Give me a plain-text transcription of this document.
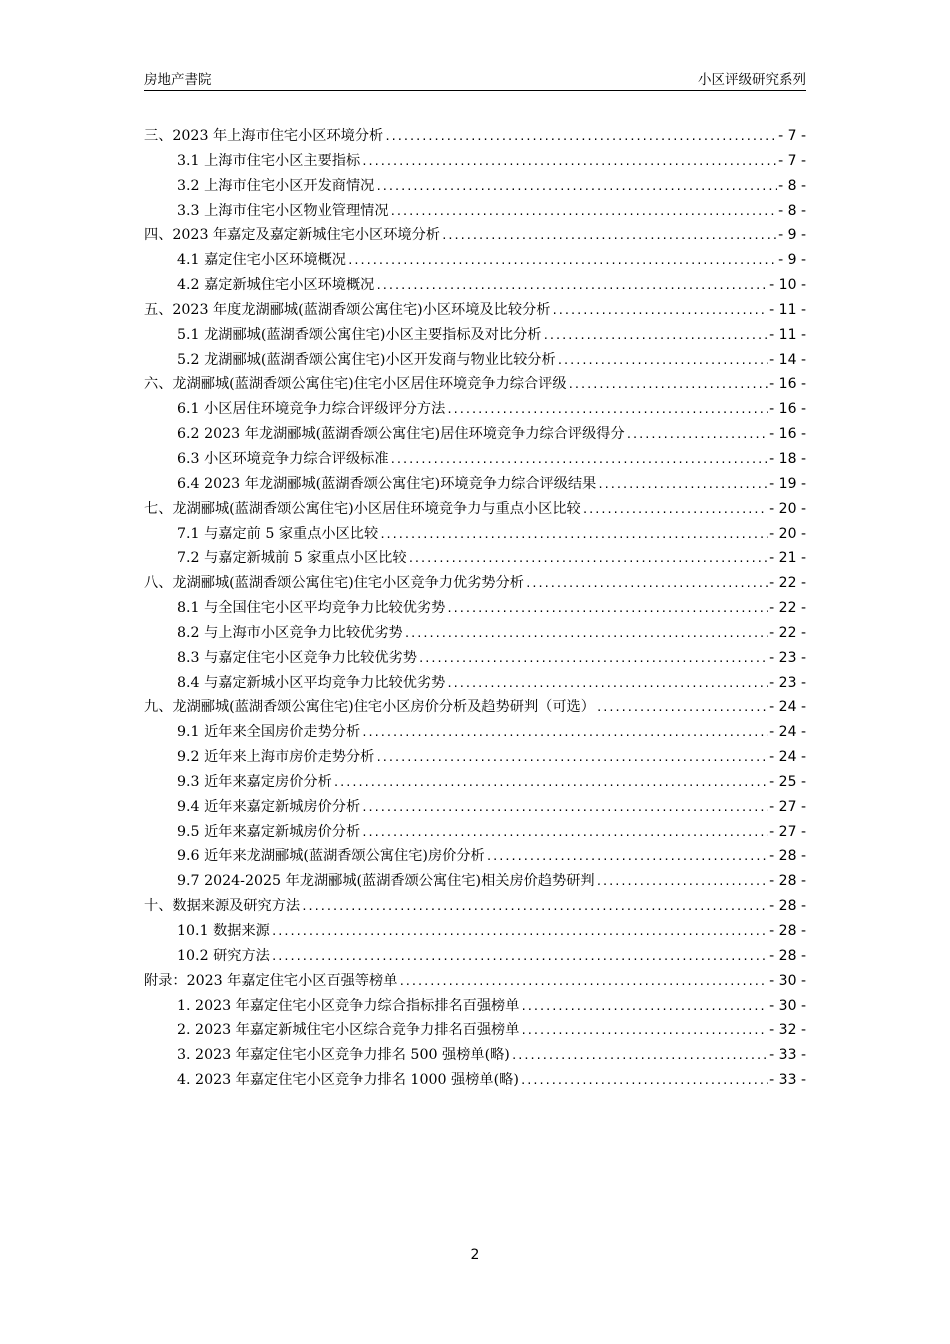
房地产書院	小区评级研究系列
三、2023 年上海市住宅小区环境分析 .....	- 7 -
3.1 上海市住宅小区主要指标 .....	- 7 -
3.2 上海市住宅小区开发商情况 .....	- 8 -
3.3 上海市住宅小区物业管理情况 .....	- 8 -
四、2023 年嘉定及嘉定新城住宅小区环境分析 .....	- 9 -
4.1 嘉定住宅小区环境概况 .....	- 9 -
4.2 嘉定新城住宅小区环境概况 .....	- 10 -
五、2023 年度龙湖郦城(蓝湖香颂公寓住宅)小区环境及比较分析 .....	- 11 -
5.1 龙湖郦城(蓝湖香颂公寓住宅)小区主要指标及对比分析 .....	- 11 -
5.2 龙湖郦城(蓝湖香颂公寓住宅)小区开发商与物业比较分析 .....	- 14 -
六、龙湖郦城(蓝湖香颂公寓住宅)住宅小区居住环境竞争力综合评级 .....	- 16 -
6.1 小区居住环境竞争力综合评级评分方法 .....	- 16 -
6.2 2023 年龙湖郦城(蓝湖香颂公寓住宅)居住环境竞争力综合评级得分 .....	- 16 -
6.3 小区环境竞争力综合评级标准 .....	- 18 -
6.4 2023 年龙湖郦城(蓝湖香颂公寓住宅)环境竞争力综合评级结果 .....	- 19 -
七、龙湖郦城(蓝湖香颂公寓住宅)小区居住环境竞争力与重点小区比较 .....	- 20 -
7.1 与嘉定前 5 家重点小区比较 .....	- 20 -
7.2 与嘉定新城前 5 家重点小区比较 .....	- 21 -
八、龙湖郦城(蓝湖香颂公寓住宅)住宅小区竞争力优劣势分析 .....	- 22 -
8.1 与全国住宅小区平均竞争力比较优劣势 .....	- 22 -
8.2 与上海市小区竞争力比较优劣势 .....	- 22 -
8.3 与嘉定住宅小区竞争力比较优劣势 .....	- 23 -
8.4 与嘉定新城小区平均竞争力比较优劣势 .....	- 23 -
九、龙湖郦城(蓝湖香颂公寓住宅)住宅小区房价分析及趋势研判（可选） .....	- 24 -
9.1 近年来全国房价走势分析 .....	- 24 -
9.2 近年来上海市房价走势分析 .....	- 24 -
9.3 近年来嘉定房价分析 .....	- 25 -
9.4 近年来嘉定新城房价分析 .....	- 27 -
9.5 近年来嘉定新城房价分析 .....	- 27 -
9.6 近年来龙湖郦城(蓝湖香颂公寓住宅)房价分析 .....	- 28 -
9.7 2024-2025 年龙湖郦城(蓝湖香颂公寓住宅)相关房价趋势研判 .....	- 28 -
十、数据来源及研究方法 .....	- 28 -
10.1 数据来源 .....	- 28 -
10.2 研究方法 .....	- 28 -
附录：2023 年嘉定住宅小区百强等榜单 .....	- 30 -
1. 2023 年嘉定住宅小区竞争力综合指标排名百强榜单 .....	- 30 -
2. 2023 年嘉定新城住宅小区综合竞争力排名百强榜单 .....	- 32 -
3. 2023 年嘉定住宅小区竞争力排名 500 强榜单(略) .....	- 33 -
4. 2023 年嘉定住宅小区竞争力排名 1000 强榜单(略) .....	- 33 -
2
